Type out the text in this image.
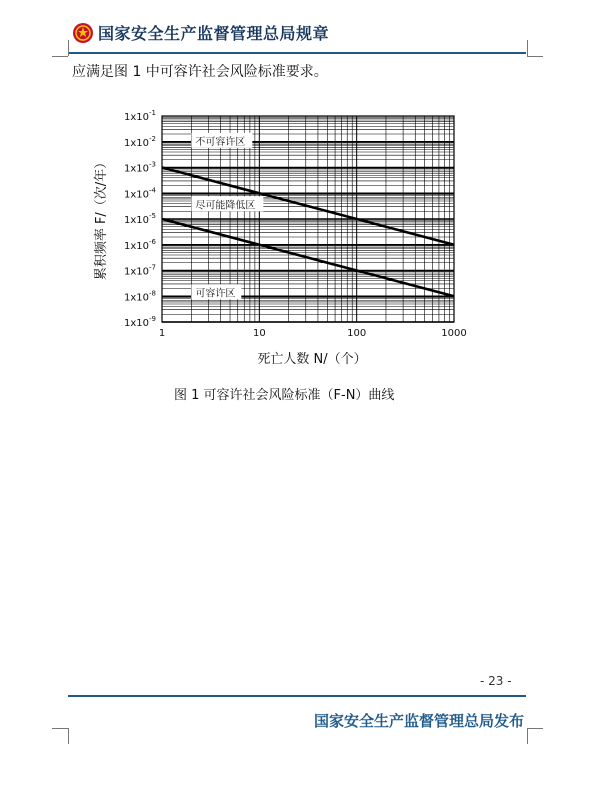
国家安全生产监督管理总局规章
应满足图 1 中可容许社会风险标准要求。
不可容许区
尽可能降低区
可容许区
1	10	100	1000
$1x10^{-1}$
$1x10^{-2}$
$1x10^{-3}$
$1x10^{-4}$
$1x10^{-5}$
$1x10^{-6}$
$1x10^{-7}$
$1x10^{-8}$
$1x10^{-9}$
死亡人数 N/（个）
累积频率 F/（次/年）
图 1 可容许社会风险标准（F-N）曲线
- 23 -
国家安全生产监督管理总局发布
